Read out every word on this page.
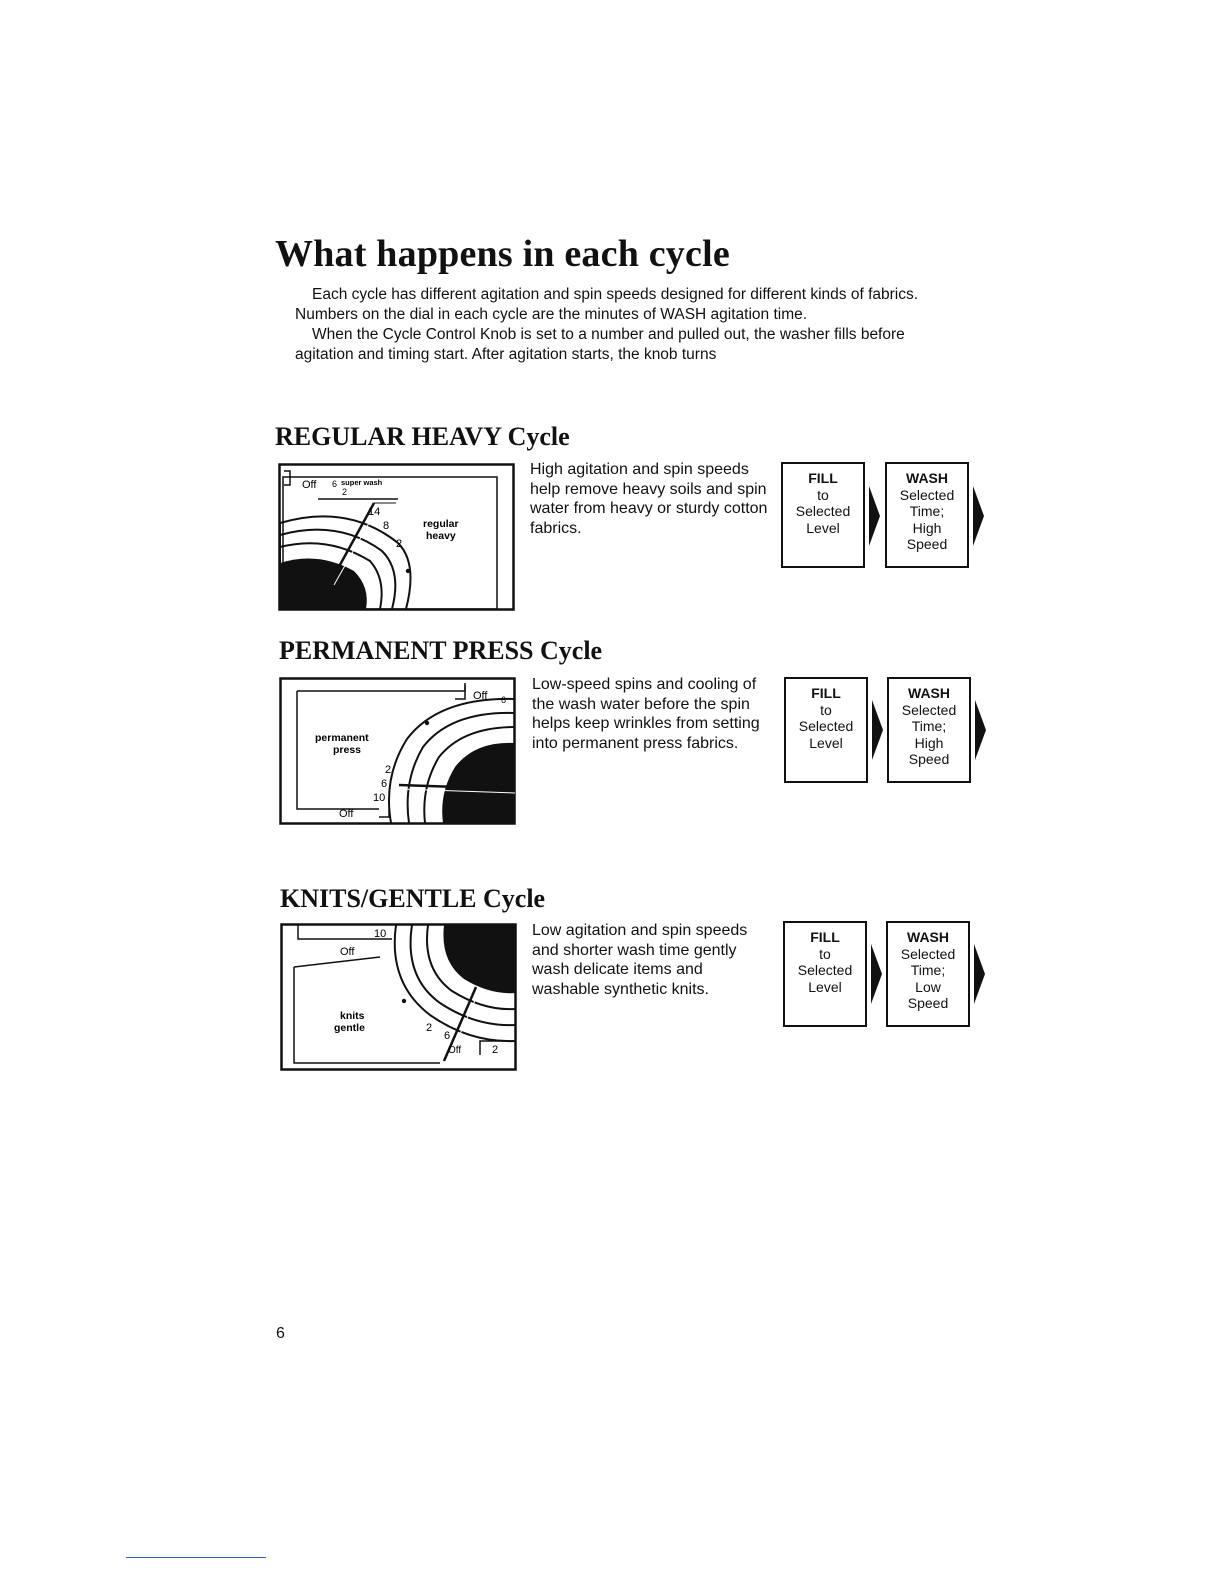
What happens in each cycle

Each cycle has different agitation and spin speeds designed for different kinds of fabrics. Numbers on the dial in each cycle are the minutes of WASH agitation time.

When the Cycle Control Knob is set to a number and pulled out, the washer fills before agitation and timing start. After agitation starts, the knob turns

REGULAR HEAVY Cycle
Off 6
2
super wash
14
8
2
regular
heavy

High agitation and spin speeds help remove heavy soils and spin water from heavy or sturdy cotton fabrics.

FILL
to
Selected
Level
WASH
Selected
Time;
High
Speed
PERMANENT PRESS Cycle
Off 6
permanent
press
2
6
10
Off

Low-speed spins and cooling of the wash water before the spin helps keep wrinkles from setting into permanent press fabrics.

FILL
to
Selected
Level
WASH
Selected
Time;
High
Speed
KNITS/GENTLE Cycle
10
Off
knits
gentle	2
6
Off	2

Low agitation and spin speeds and shorter wash time gently wash delicate items and washable synthetic knits.

FILL
to
Selected
Level
WASH
Selected
Time;
Low
Speed

6
